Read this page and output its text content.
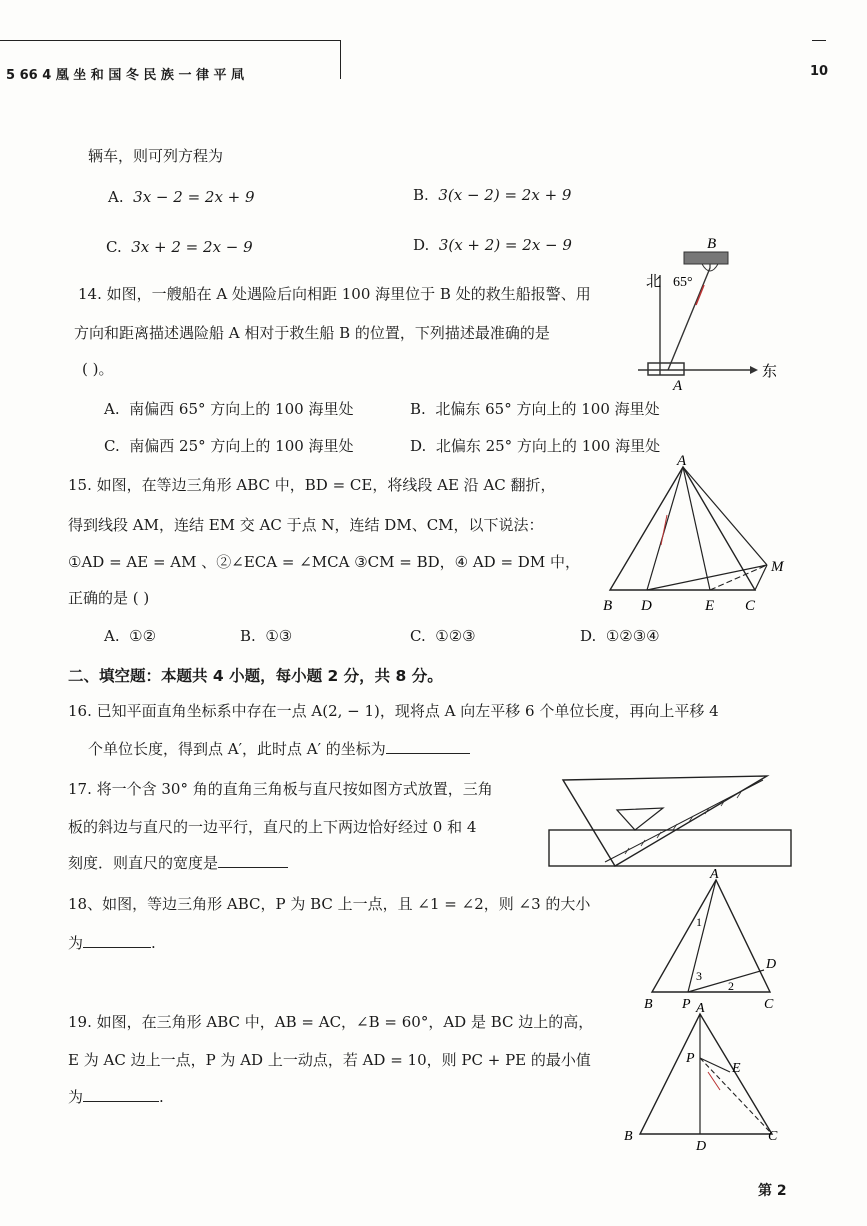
5 66 4 凰 坐 和 国 冬 民 族 一 律 平 凬	10
辆车，则可列方程为
A. 3x − 2 = 2x + 9	B. 3(x − 2) = 2x + 9
C. 3x + 2 = 2x − 9	D. 3(x + 2) = 2x − 9
14. 如图，一艘船在 A 处遇险后向相距 100 海里位于 B 处的救生船报警、用
方向和距离描述遇险船 A 相对于救生船 B 的位置，下列描述最准确的是
( )。
A. 南偏西 65° 方向上的 100 海里处	B. 北偏东 65° 方向上的 100 海里处
C. 南偏西 25° 方向上的 100 海里处	D. 北偏东 25° 方向上的 100 海里处
北
东
65°
B
A
15. 如图，在等边三角形 ABC 中，BD = CE，将线段 AE 沿 AC 翻折，
得到线段 AM，连结 EM 交 AC 于点 N，连结 DM、CM，以下说法：
①AD = AE = AM 、②∠ECA = ∠MCA ③CM = BD，④ AD = DM 中，
正确的是 ( )
A. ①②	B. ①③	C. ①②③	D. ①②③④
A
B D	E C
M
二、填空题：本题共 4 小题，每小题 2 分，共 8 分。
16. 已知平面直角坐标系中存在一点 A(2, − 1)，现将点 A 向左平移 6 个单位长度，再向上平移 4
个单位长度，得到点 A′，此时点 A′ 的坐标为
17. 将一个含 30° 角的直角三角板与直尺按如图方式放置，三角
板的斜边与直尺的一边平行，直尺的上下两边恰好经过 0 和 4
刻度．则直尺的宽度是
18、如图，等边三角形 ABC，P 为 BC 上一点，且 ∠1 = ∠2，则 ∠3 的大小
为	.
A
B P	C
D
1
2
3
19. 如图，在三角形 ABC 中，AB = AC，∠B = 60°，AD 是 BC 边上的高，
E 为 AC 边上一点，P 为 AD 上一动点，若 AD = 10，则 PC + PE 的最小值
为	.
A
B
D
C
E
P
第 2
